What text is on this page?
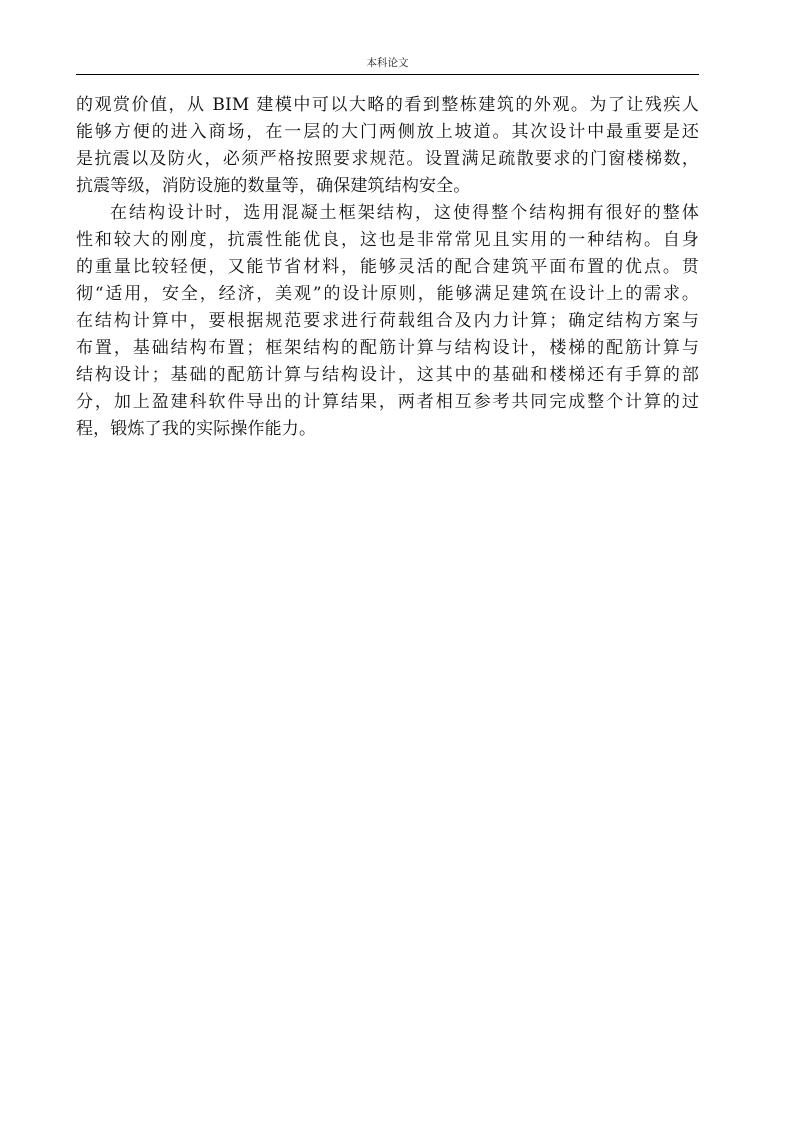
本科论文
的观赏价值，从 BIM 建模中可以大略的看到整栋建筑的外观。为了让残疾人
能够方便的进入商场，在一层的大门两侧放上坡道。其次设计中最重要是还
是抗震以及防火，必须严格按照要求规范。设置满足疏散要求的门窗楼梯数，
抗震等级，消防设施的数量等，确保建筑结构安全。
在结构设计时，选用混凝土框架结构，这使得整个结构拥有很好的整体
性和较大的刚度，抗震性能优良，这也是非常常见且实用的一种结构。自身
的重量比较轻便，又能节省材料，能够灵活的配合建筑平面布置的优点。贯
彻“适用，安全，经济，美观”的设计原则，能够满足建筑在设计上的需求。
在结构计算中，要根据规范要求进行荷载组合及内力计算；确定结构方案与
布置，基础结构布置；框架结构的配筋计算与结构设计，楼梯的配筋计算与
结构设计；基础的配筋计算与结构设计，这其中的基础和楼梯还有手算的部
分，加上盈建科软件导出的计算结果，两者相互参考共同完成整个计算的过
程，锻炼了我的实际操作能力。
